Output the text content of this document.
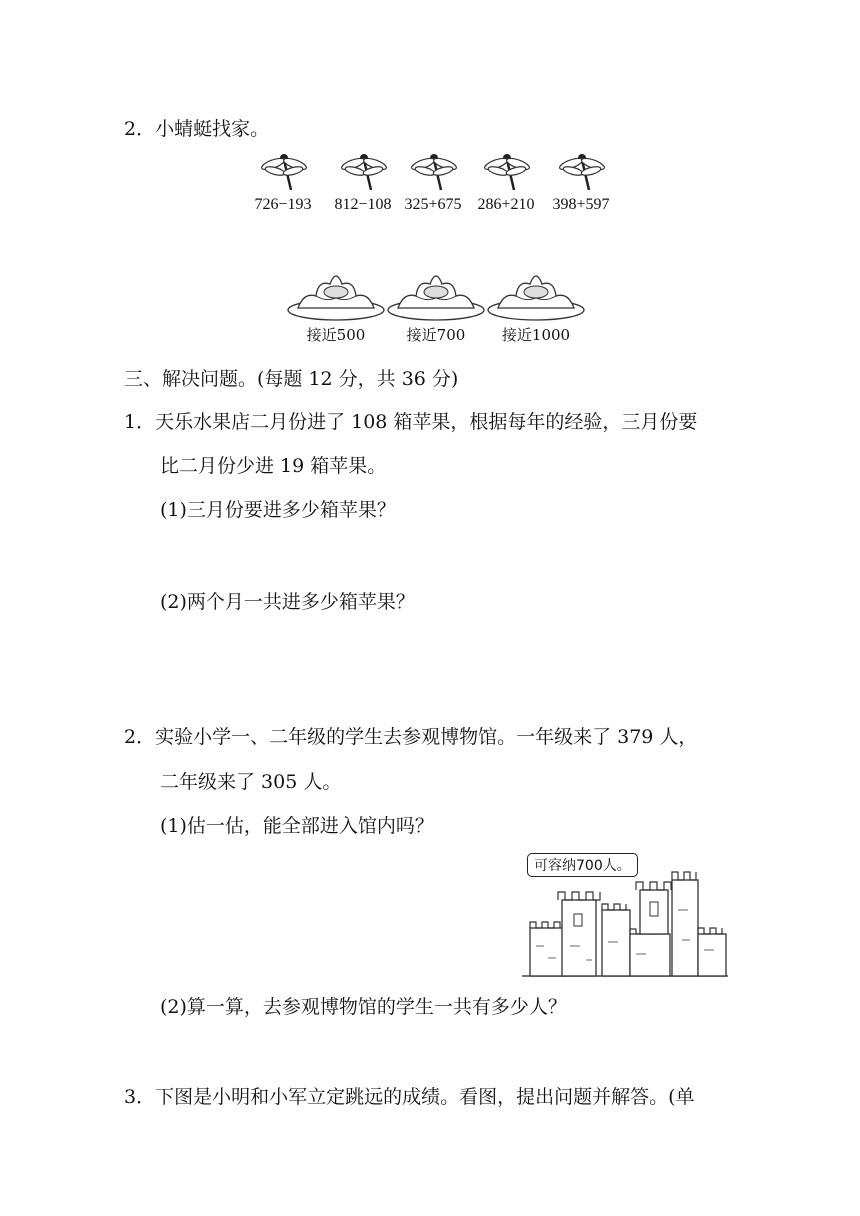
2．小蜻蜓找家。
726−193	812−108 325+675 286+210	398+597
接近500	接近700	接近1000
三、解决问题。(每题 12 分，共 36 分)
1．天乐水果店二月份进了 108 箱苹果，根据每年的经验，三月份要
比二月份少进 19 箱苹果。
(1)三月份要进多少箱苹果？
(2)两个月一共进多少箱苹果？
2．实验小学一、二年级的学生去参观博物馆。一年级来了 379 人，
二年级来了 305 人。
(1)估一估，能全部进入馆内吗？
可容纳700人。
(2)算一算，去参观博物馆的学生一共有多少人？
3．下图是小明和小军立定跳远的成绩。看图，提出问题并解答。(单
